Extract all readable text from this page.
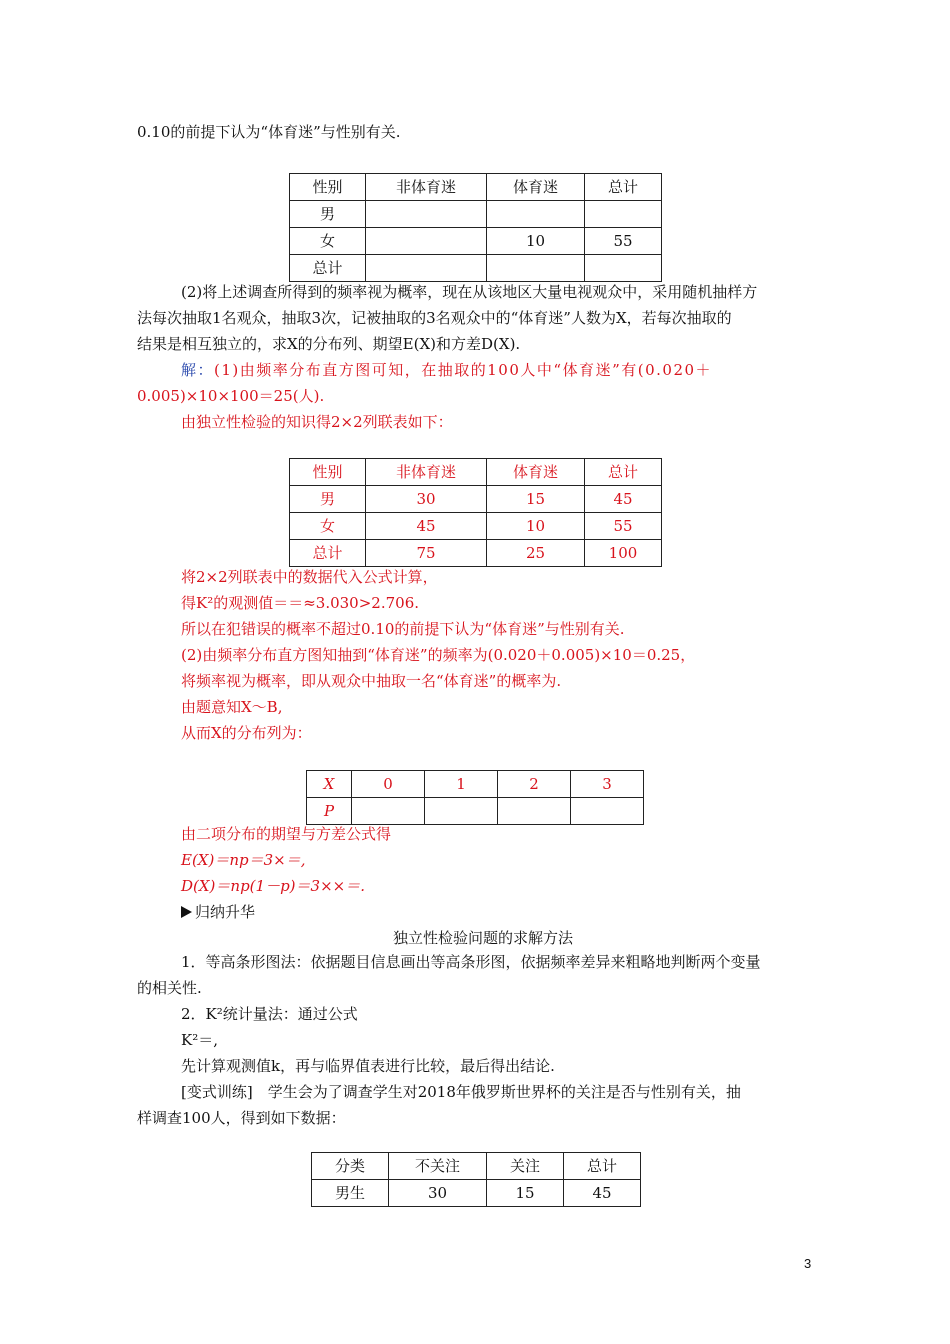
0.10的前提下认为“体育迷”与性别有关.
性别	非体育迷	体育迷	总计
男			
女		10	55
总计			
(2)将上述调查所得到的频率视为概率，现在从该地区大量电视观众中，采用随机抽样方
法每次抽取1名观众，抽取3次，记被抽取的3名观众中的“体育迷”人数为X，若每次抽取的
结果是相互独立的，求X的分布列、期望E(X)和方差D(X).
解：(1)由频率分布直方图可知，在抽取的100人中“体育迷”有(0.020＋
0.005)×10×100＝25(人).
由独立性检验的知识得2×2列联表如下：
性别	非体育迷	体育迷	总计
男	30	15	45
女	45	10	55
总计	75	25	100
将2×2列联表中的数据代入公式计算，
得K²的观测值＝＝≈3.030>2.706.
所以在犯错误的概率不超过0.10的前提下认为“体育迷”与性别有关.
(2)由频率分布直方图知抽到“体育迷”的频率为(0.020＋0.005)×10＝0.25，
将频率视为概率，即从观众中抽取一名“体育迷”的概率为.
由题意知X～B,
从而X的分布列为：
X	0	1	2	3
P				
由二项分布的期望与方差公式得
E(X)＝np＝3×＝,
D(X)＝np(1－p)＝3××＝.
归纳升华
独立性检验问题的求解方法
1．等高条形图法：依据题目信息画出等高条形图，依据频率差异来粗略地判断两个变量
的相关性.
2．K²统计量法：通过公式
K²＝,
先计算观测值k，再与临界值表进行比较，最后得出结论.
[变式训练]　学生会为了调查学生对2018年俄罗斯世界杯的关注是否与性别有关，抽
样调查100人，得到如下数据：
分类	不关注	关注	总计
男生	30	15	45
3
